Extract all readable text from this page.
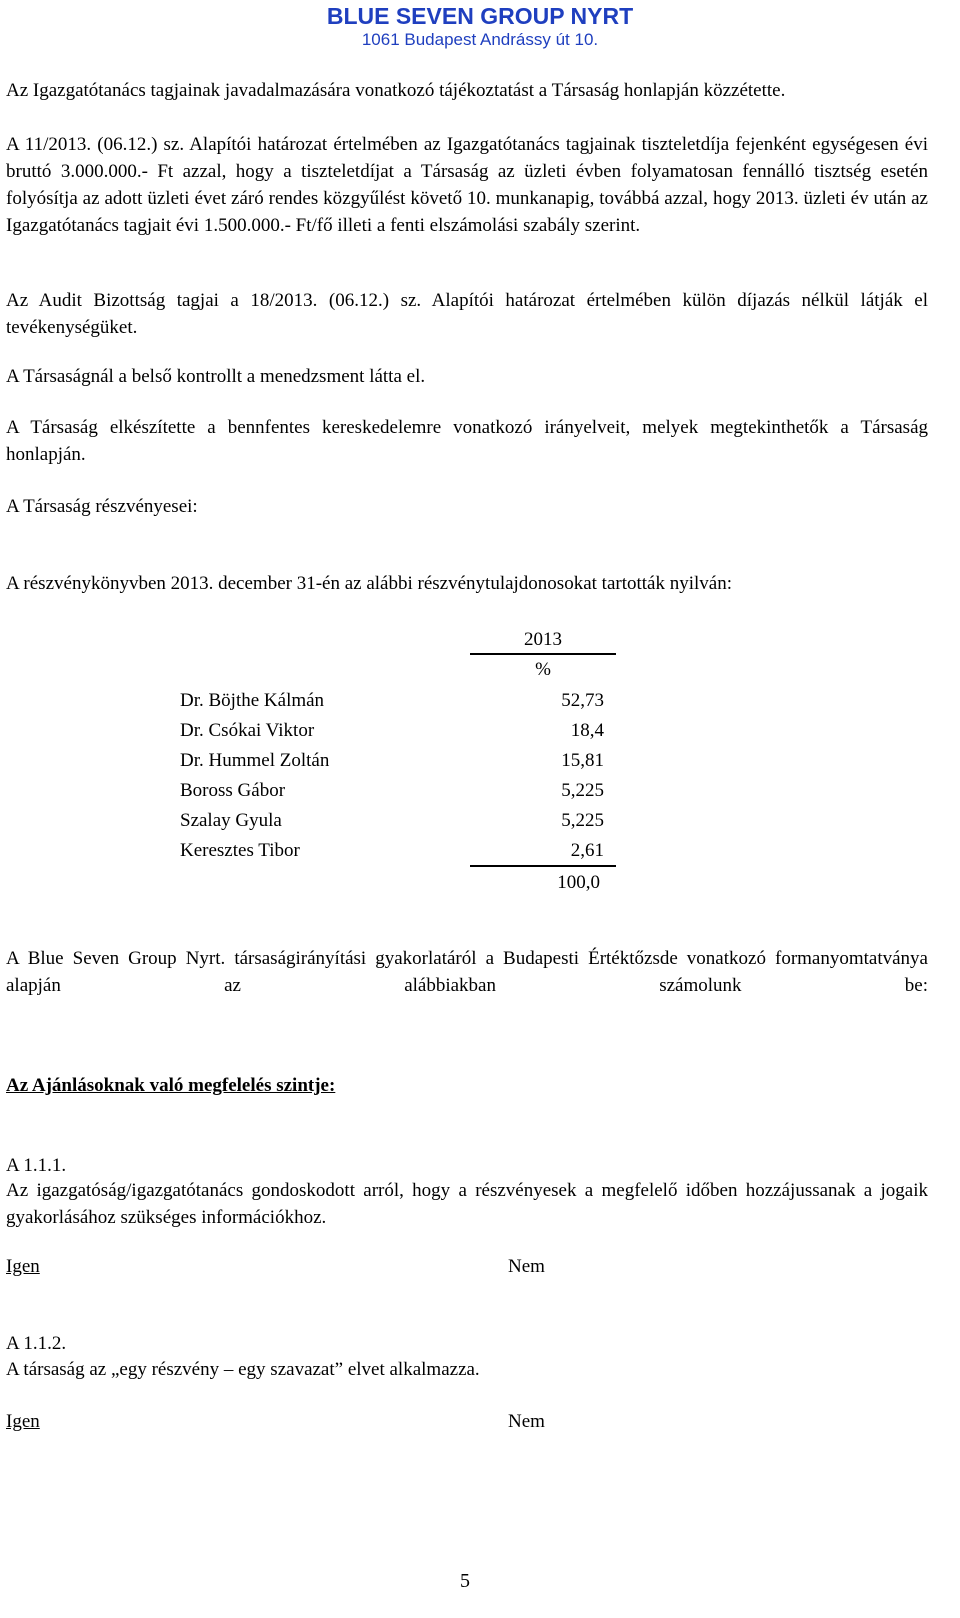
BLUE SEVEN GROUP NYRT
1061 Budapest Andrássy út 10.

Az Igazgatótanács tagjainak javadalmazására vonatkozó tájékoztatást a Társaság honlapján közzétette.

A 11/2013. (06.12.) sz. Alapítói határozat értelmében az Igazgatótanács tagjainak tiszteletdíja fejenként egységesen évi bruttó 3.000.000.- Ft azzal, hogy a tiszteletdíjat a Társaság az üzleti évben folyamatosan fennálló tisztség esetén folyósítja az adott üzleti évet záró rendes közgyűlést követő 10. munkanapig, továbbá azzal, hogy 2013. üzleti év után az Igazgatótanács tagjait évi 1.500.000.- Ft/fő illeti a fenti elszámolási szabály szerint.

Az Audit Bizottság tagjai a 18/2013. (06.12.) sz. Alapítói határozat értelmében külön díjazás nélkül látják el tevékenységüket.

A Társaságnál a belső kontrollt a menedzsment látta el.

A Társaság elkészítette a bennfentes kereskedelemre vonatkozó irányelveit, melyek megtekinthetők a Társaság honlapján.

A Társaság részvényesei:

A részvénykönyvben 2013. december 31-én az alábbi részvénytulajdonosokat tartották nyilván:

2013
%
Dr. Böjthe Kálmán	52,73
Dr. Csókai Viktor	18,4
Dr. Hummel Zoltán	15,81
Boross Gábor	5,225
Szalay Gyula	5,225
Keresztes Tibor	2,61
100,0

A Blue Seven Group Nyrt. társaságirányítási gyakorlatáról a Budapesti Értéktőzsde vonatkozó formanyomtatványa alapján az alábbiakban számolunk be:

Az Ajánlásoknak való megfelelés szintje:
A 1.1.1.

Az igazgatóság/igazgatótanács gondoskodott arról, hogy a részvényesek a megfelelő időben hozzájussanak a jogaik gyakorlásához szükséges információkhoz.

Igen	Nem
A 1.1.2.
A társaság az „egy részvény – egy szavazat” elvet alkalmazza.
Igen	Nem
5
